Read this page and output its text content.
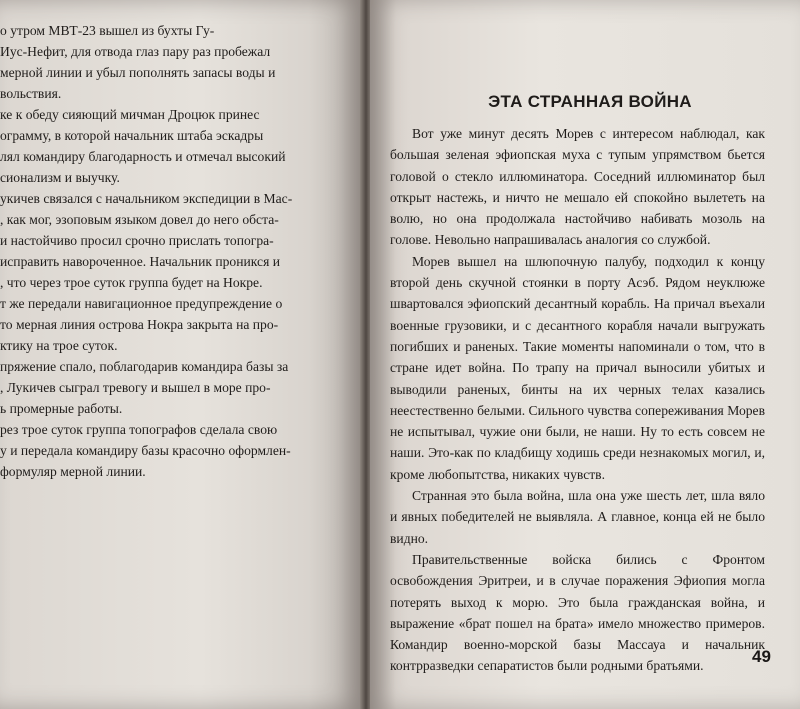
о утром МВТ-23 вышел из бухты Гу-

Иус-Нефит, для отвода глаз пару раз пробежал

мерной линии и убыл пополнять запасы воды и

вольствия.

ке к обеду сияющий мичман Дроцюк принес

ограмму, в которой начальник штаба эскадры

лял командиру благодарность и отмечал высокий

сионализм и выучку.

укичев связался с начальником экспедиции в Мас-

, как мог, эзоповым языком довел до него обста-

и настойчиво просил срочно прислать топогра-

исправить навороченное. Начальник проникся и

, что через трое суток группа будет на Нокре.

т же передали навигационное предупреждение о

то мерная линия острова Нокра закрыта на про-

ктику на трое суток.

пряжение спало, поблагодарив командира базы за

, Лукичев сыграл тревогу и вышел в море про-

ь промерные работы.

рез трое суток группа топографов сделала свою

у и передала командиру базы красочно оформлен-

формуляр мерной линии.

ЭТА СТРАННАЯ ВОЙНА

Вот уже минут десять Морев с интересом наблюдал, как большая зеленая эфиопская муха с тупым упрямством бьется головой о стекло иллюминатора. Соседний иллюминатор был открыт настежь, и ничто не мешало ей спокойно вылететь на волю, но она продолжала настойчиво набивать мозоль на голове. Невольно напрашивалась аналогия со службой.

Морев вышел на шлюпочную палубу, подходил к концу второй день скучной стоянки в порту Асэб. Рядом неуклюже швартовался эфиопский десантный корабль. На причал въехали военные грузовики, и с десантного корабля начали выгружать погибших и раненых. Такие моменты напоминали о том, что в стране идет война. По трапу на причал выносили убитых и выводили раненых, бинты на их черных телах казались неестественно белыми. Сильного чувства сопереживания Морев не испытывал, чужие они были, не наши. Ну то есть совсем не наши. Это-как по кладбищу ходишь среди незнакомых могил, и, кроме любопытства, никаких чувств.

Странная это была война, шла она уже шесть лет, шла вяло и явных победителей не выявляла. А главное, конца ей не было видно.

Правительственные войска бились с Фронтом освобождения Эритреи, и в случае поражения Эфиопия могла потерять выход к морю. Это была гражданская война, и выражение «брат пошел на брата» имело множество примеров. Командир военно-морской базы Массауа и начальник контрразведки сепаратистов были родными братьями.	49
